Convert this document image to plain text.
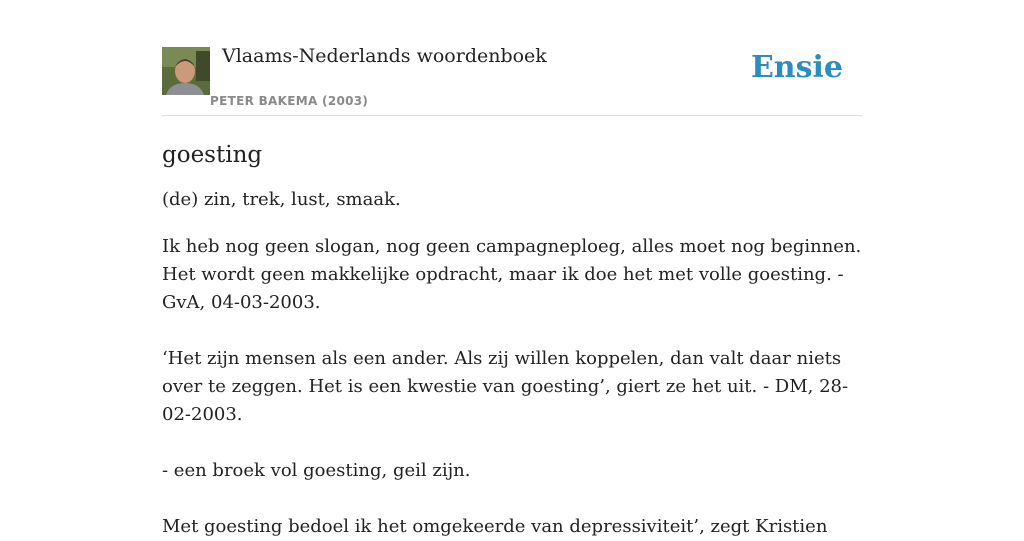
Vlaams-Nederlands woordenboek
PETER BAKEMA (2003)
Ensie
goesting

(de) zin, trek, lust, smaak.

Ik heb nog geen slogan, nog geen campagneploeg, alles moet nog beginnen. Het wordt geen makkelijke opdracht, maar ik doe het met volle goesting. - GvA, 04-03-2003.

‘Het zijn mensen als een ander. Als zij willen koppelen, dan valt daar niets over te zeggen. Het is een kwestie van goesting’, giert ze het uit. - DM, 28-02-2003.

- een broek vol goesting, geil zijn.

Met goesting bedoel ik het omgekeerde van depressiviteit’, zegt Kristien
